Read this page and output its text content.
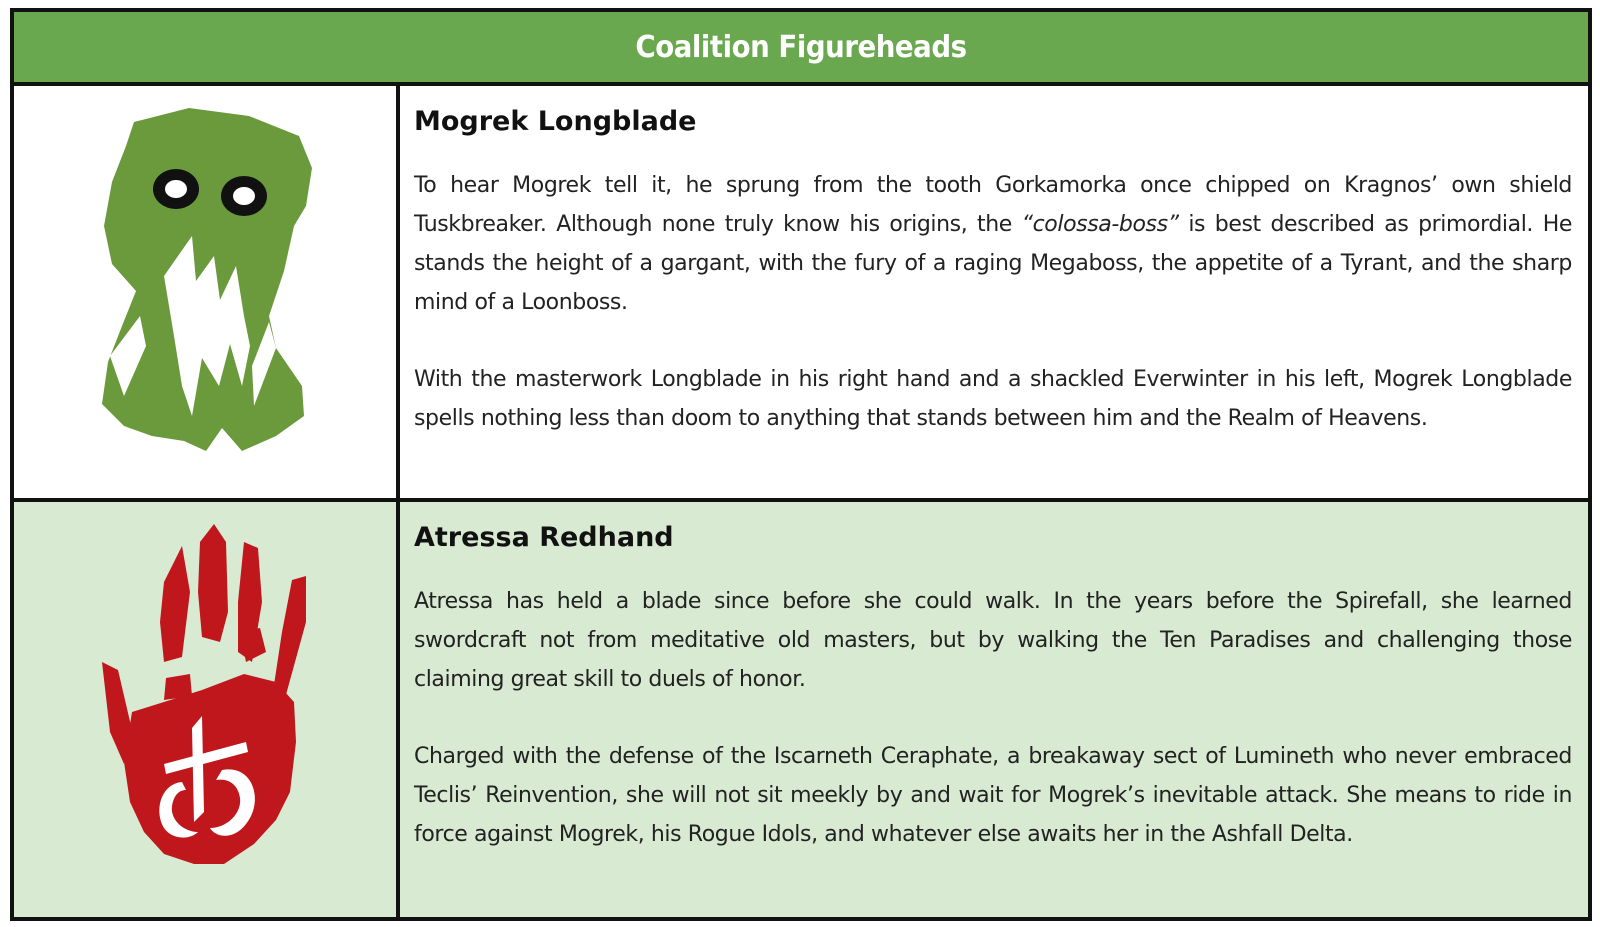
Coalition Figureheads
Mogrek Longblade

To hear Mogrek tell it, he sprung from the tooth Gorkamorka once chipped on Kragnos’ own shield Tuskbreaker. Although none truly know his origins, the “colossa-boss” is best described as primordial. He stands the height of a gargant, with the fury of a raging Megaboss, the appetite of a Tyrant, and the sharp mind of a Loonboss.

With the masterwork Longblade in his right hand and a shackled Everwinter in his left, Mogrek Longblade spells nothing less than doom to anything that stands between him and the Realm of Heavens.

Atressa Redhand

Atressa has held a blade since before she could walk. In the years before the Spirefall, she learned swordcraft not from meditative old masters, but by walking the Ten Paradises and challenging those claiming great skill to duels of honor.

Charged with the defense of the Iscarneth Ceraphate, a breakaway sect of Lumineth who never embraced Teclis’ Reinvention, she will not sit meekly by and wait for Mogrek’s inevitable attack. She means to ride in force against Mogrek, his Rogue Idols, and whatever else awaits her in the Ashfall Delta.
